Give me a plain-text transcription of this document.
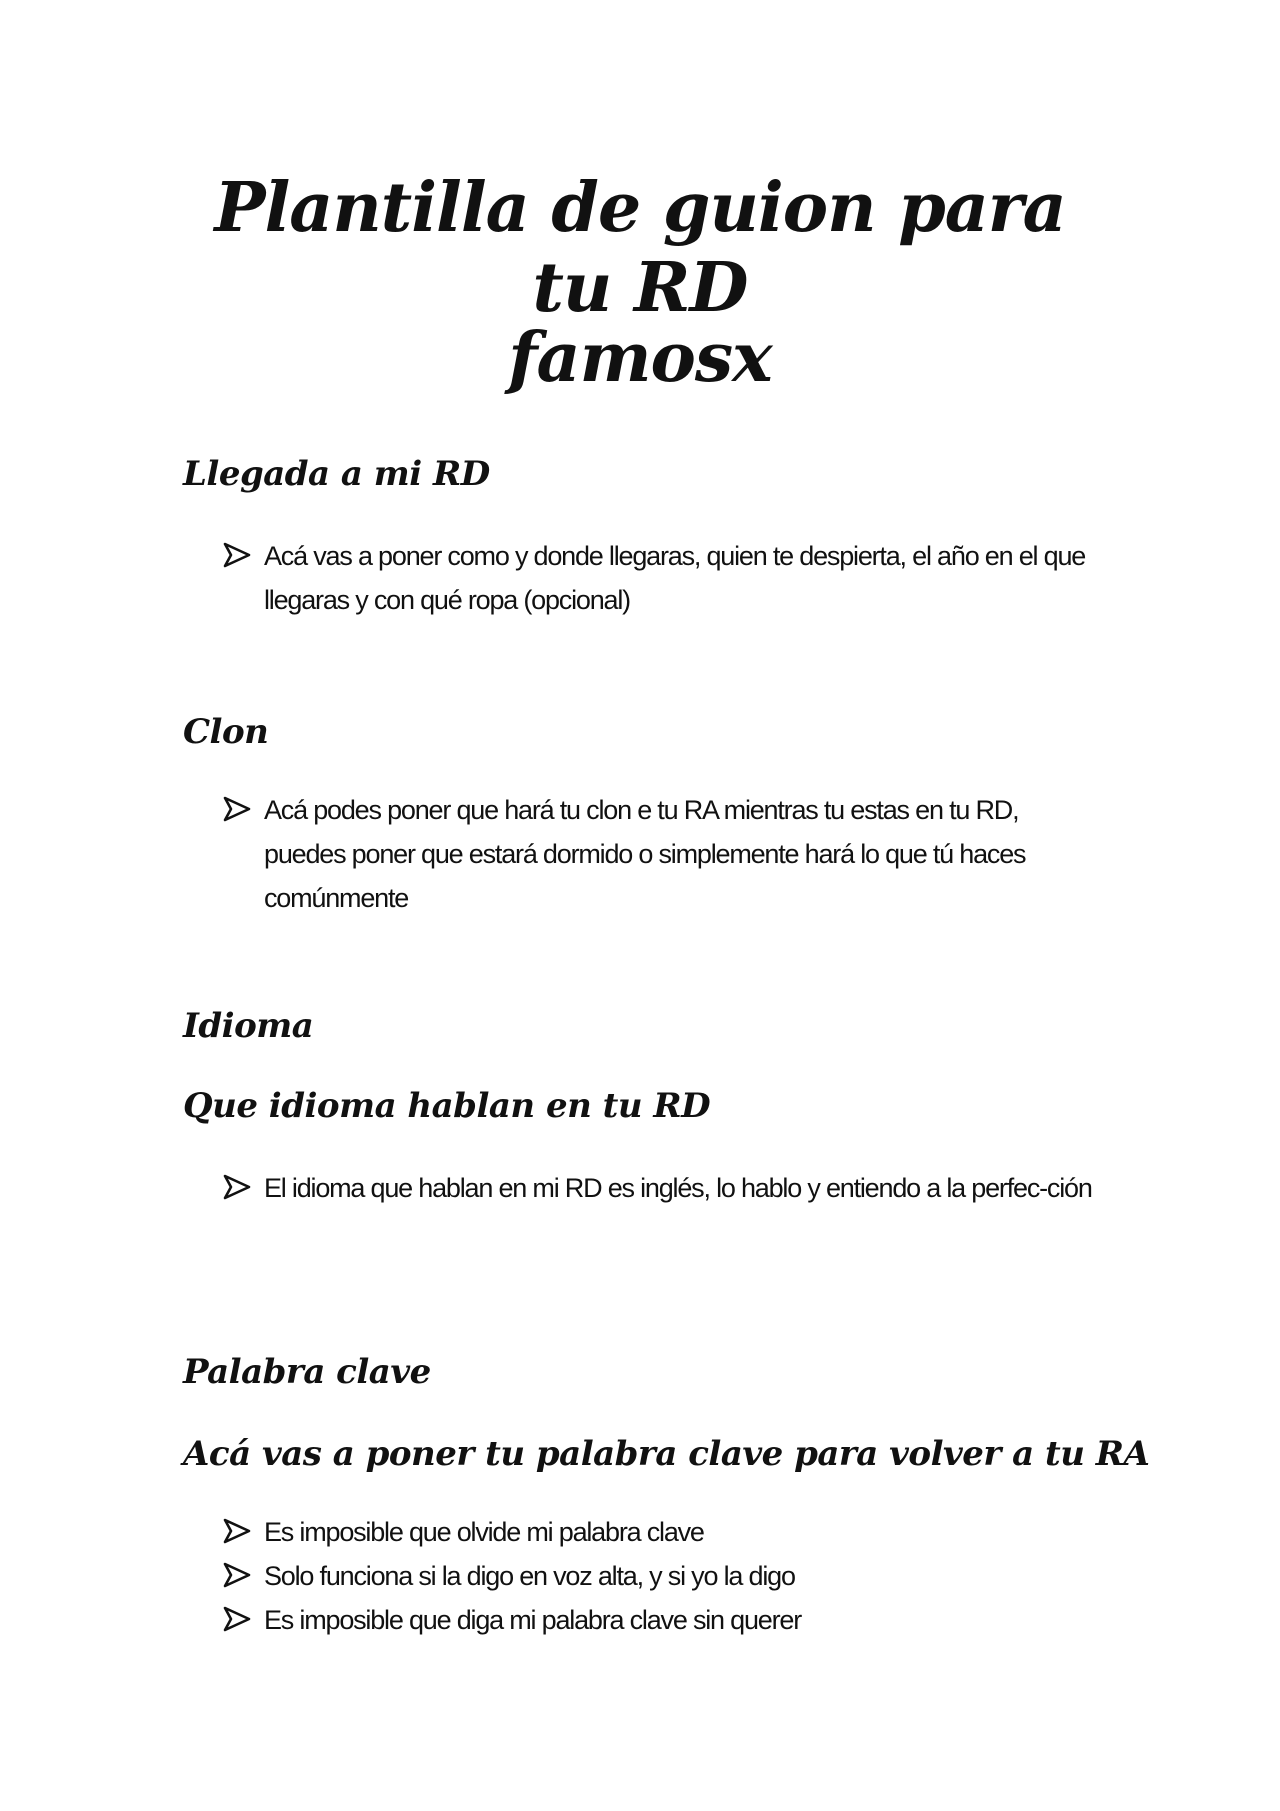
Plantilla de guion para tu RD
famosx
Llegada a mi RD
Acá vas a poner como y donde llegaras, quien te despierta, el año en el que llegaras y con qué ropa (opcional)
Clon
Acá podes poner que hará tu clon e tu RA mientras tu estas en tu RD, puedes poner que estará dormido o simplemente hará lo que tú haces comúnmente
Idioma
Que idioma hablan en tu RD
El idioma que hablan en mi RD es inglés, lo hablo y entiendo a la perfec-ción
Palabra clave
Acá vas a poner tu palabra clave para volver a tu RA
Es imposible que olvide mi palabra clave
Solo funciona si la digo en voz alta, y si yo la digo
Es imposible que diga mi palabra clave sin querer
